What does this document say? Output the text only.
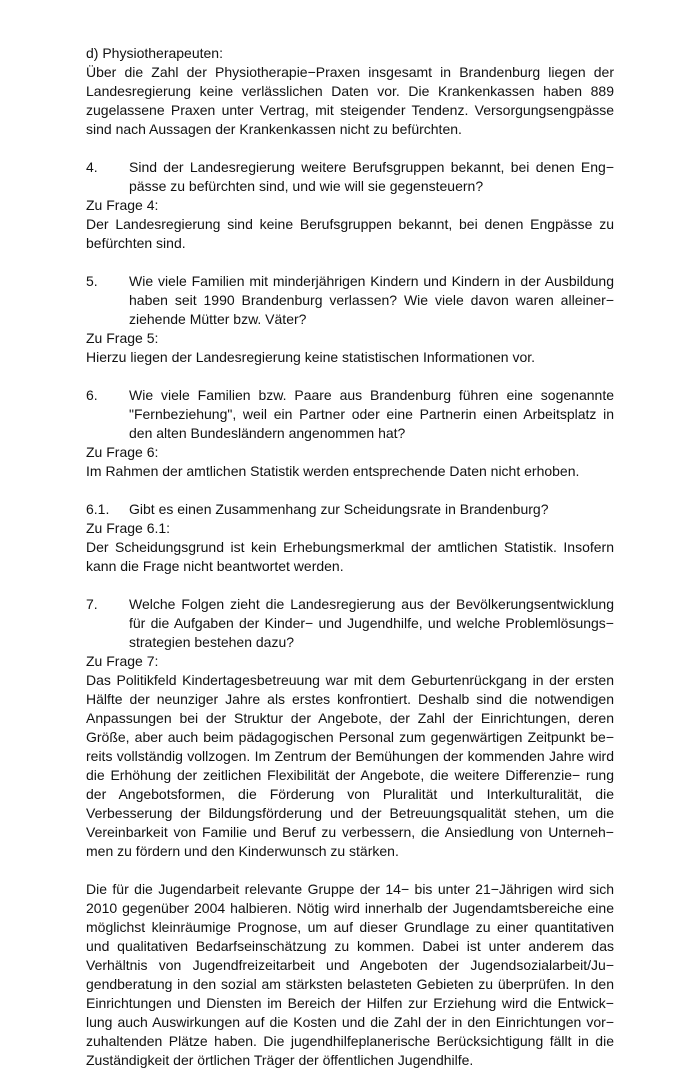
d) Physiotherapeuten:

Über die Zahl der Physiotherapie−Praxen insgesamt in Brandenburg liegen der Landesregierung keine verlässlichen Daten vor. Die Krankenkassen haben 889 zugelassene Praxen unter Vertrag, mit steigender Tendenz. Versorgungsengpässe sind nach Aussagen der Krankenkassen nicht zu befürchten.

4.	Sind der Landesregierung weitere Berufsgruppen bekannt, bei denen Eng− pässe zu befürchten sind, und wie will sie gegensteuern?

Zu Frage 4:

Der Landesregierung sind keine Berufsgruppen bekannt, bei denen Engpässe zu befürchten sind.

5.	Wie viele Familien mit minderjährigen Kindern und Kindern in der Ausbildung haben seit 1990 Brandenburg verlassen? Wie viele davon waren alleiner− ziehende Mütter bzw. Väter?

Zu Frage 5:

Hierzu liegen der Landesregierung keine statistischen Informationen vor.

6.	Wie viele Familien bzw. Paare aus Brandenburg führen eine sogenannte "Fernbeziehung", weil ein Partner oder eine Partnerin einen Arbeitsplatz in den alten Bundesländern angenommen hat?

Zu Frage 6:

Im Rahmen der amtlichen Statistik werden entsprechende Daten nicht erhoben.

6.1.	Gibt es einen Zusammenhang zur Scheidungsrate in Brandenburg?

Zu Frage 6.1:

Der Scheidungsgrund ist kein Erhebungsmerkmal der amtlichen Statistik. Insofern kann die Frage nicht beantwortet werden.

7.	Welche Folgen zieht die Landesregierung aus der Bevölkerungsentwicklung für die Aufgaben der Kinder− und Jugendhilfe, und welche Problemlösungs− strategien bestehen dazu?

Zu Frage 7:

Das Politikfeld Kindertagesbetreuung war mit dem Geburtenrückgang in der ersten Hälfte der neunziger Jahre als erstes konfrontiert. Deshalb sind die notwendigen Anpassungen bei der Struktur der Angebote, der Zahl der Einrichtungen, deren Größe, aber auch beim pädagogischen Personal zum gegenwärtigen Zeitpunkt be− reits vollständig vollzogen. Im Zentrum der Bemühungen der kommenden Jahre wird die Erhöhung der zeitlichen Flexibilität der Angebote, die weitere Differenzie− rung der Angebotsformen, die Förderung von Pluralität und Interkulturalität, die Verbesserung der Bildungsförderung und der Betreuungsqualität stehen, um die Vereinbarkeit von Familie und Beruf zu verbessern, die Ansiedlung von Unterneh− men zu fördern und den Kinderwunsch zu stärken.

Die für die Jugendarbeit relevante Gruppe der 14− bis unter 21−Jährigen wird sich 2010 gegenüber 2004 halbieren. Nötig wird innerhalb der Jugendamtsbereiche eine möglichst kleinräumige Prognose, um auf dieser Grundlage zu einer quantitativen und qualitativen Bedarfseinschätzung zu kommen. Dabei ist unter anderem das Verhältnis von Jugendfreizeitarbeit und Angeboten der Jugendsozialarbeit/Ju− gendberatung in den sozial am stärksten belasteten Gebieten zu überprüfen. In den Einrichtungen und Diensten im Bereich der Hilfen zur Erziehung wird die Entwick− lung auch Auswirkungen auf die Kosten und die Zahl der in den Einrichtungen vor− zuhaltenden Plätze haben. Die jugendhilfeplanerische Berücksichtigung fällt in die Zuständigkeit der örtlichen Träger der öffentlichen Jugendhilfe.
